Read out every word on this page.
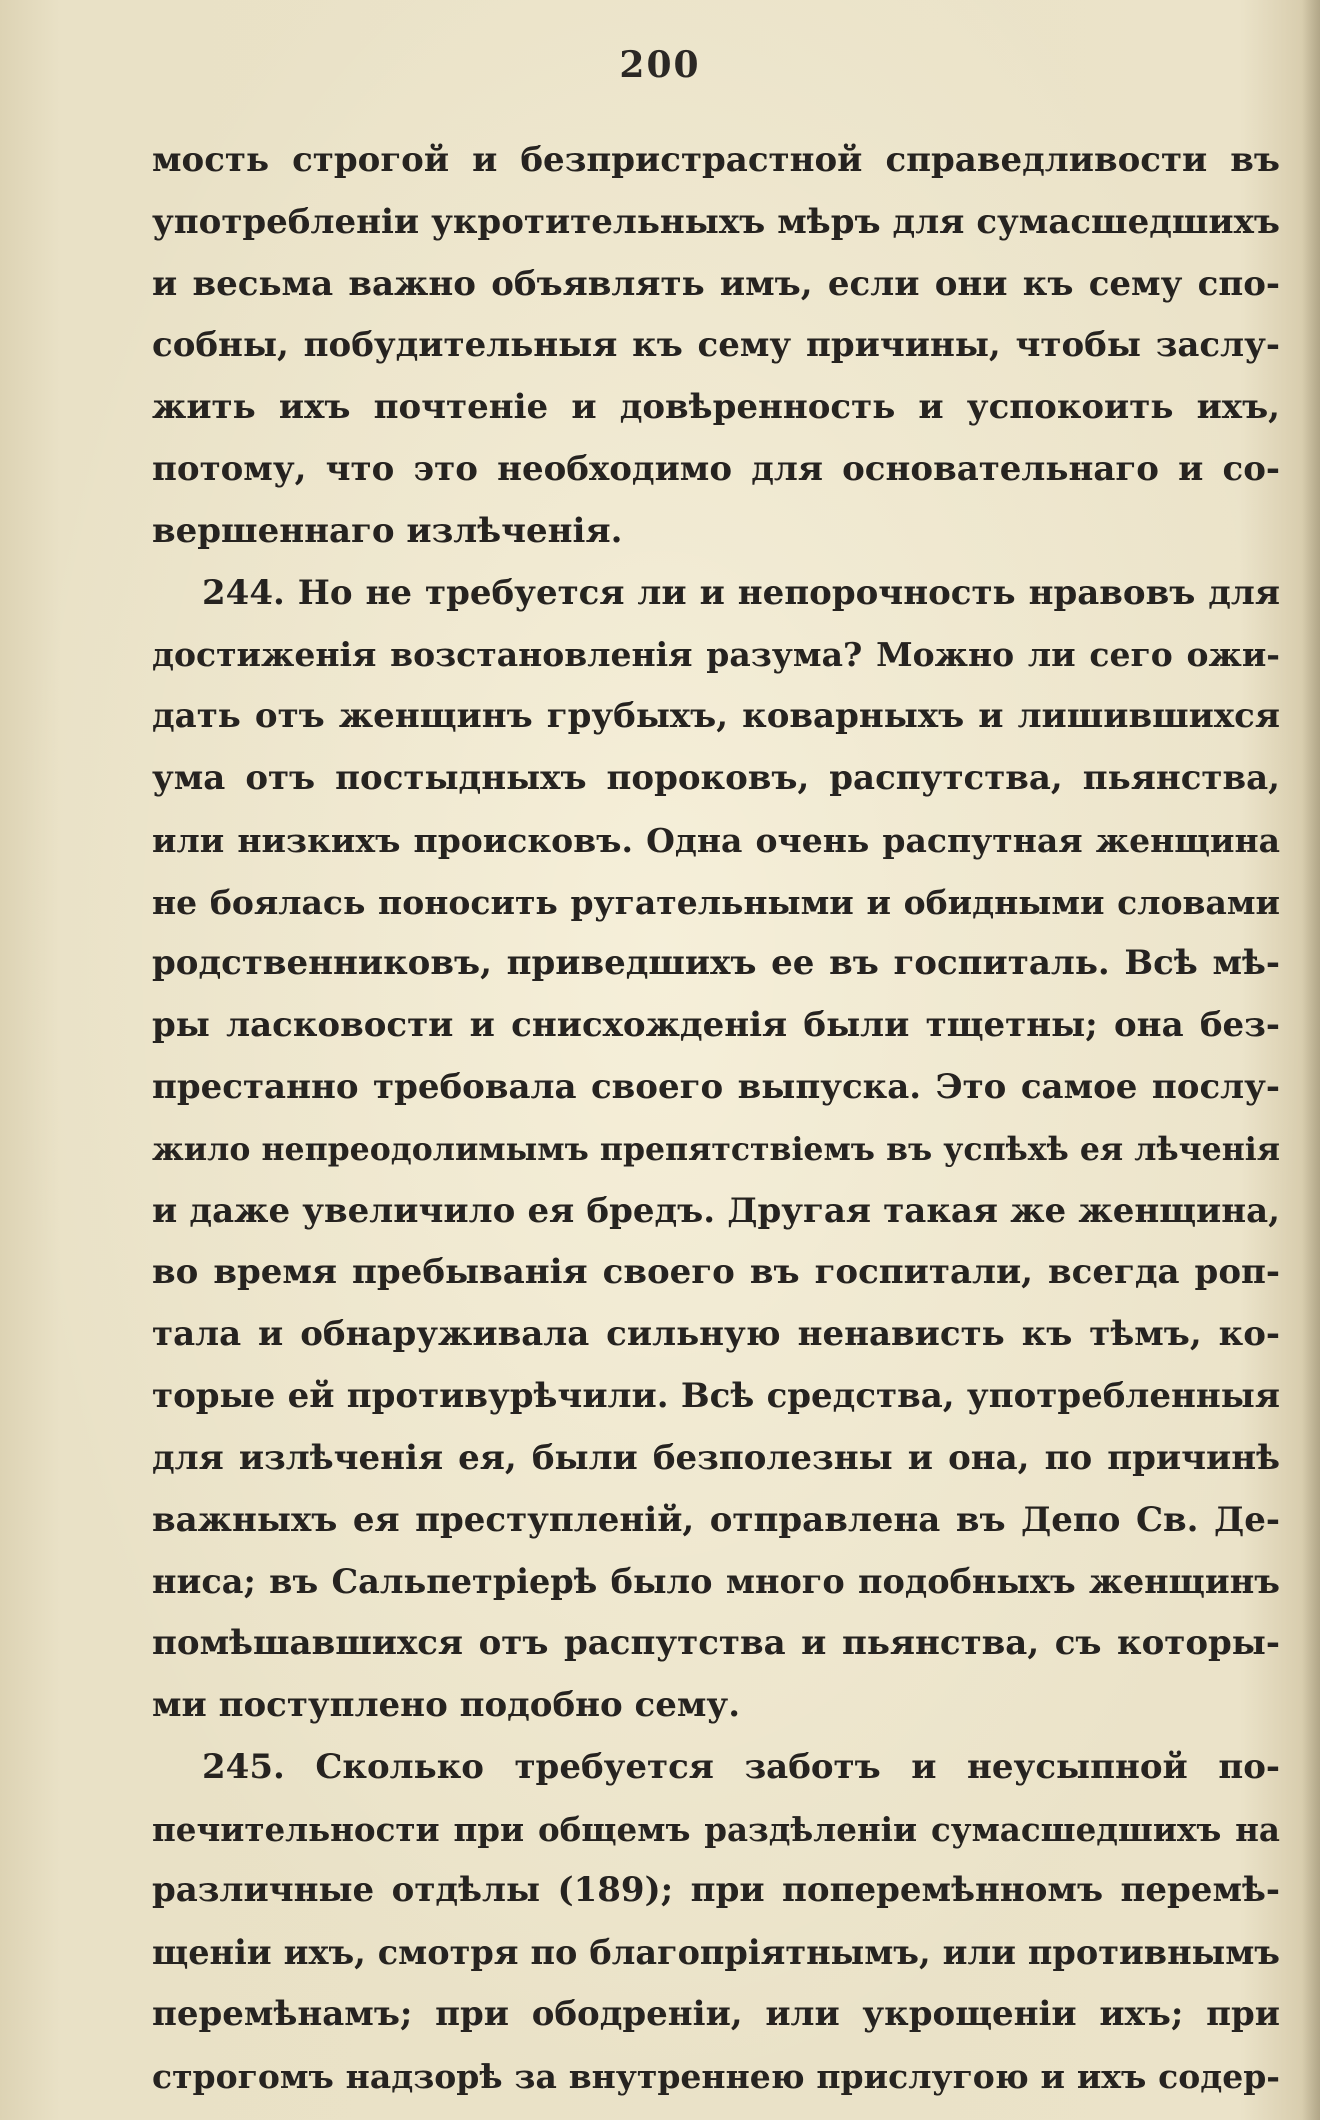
200
мость строгой и безпристрастной справедливости въ
употребленіи укротительныхъ мѣръ для сумасшедшихъ
и весьма важно объявлять имъ, если они къ сему спо-
собны, побудительныя къ сему причины, чтобы заслу-
жить ихъ почтеніе и довѣренность и успокоить ихъ,
потому, что это необходимо для основательнаго и со-
вершеннаго излѣченія.
244. Но не требуется ли и непорочность нравовъ для
достиженія возстановленія разума? Можно ли сего ожи-
дать отъ женщинъ грубыхъ, коварныхъ и лишившихся
ума отъ постыдныхъ пороковъ, распутства, пьянства,
или низкихъ происковъ. Одна очень распутная женщина
не боялась поносить ругательными и обидными словами
родственниковъ, приведшихъ ее въ госпиталь. Всѣ мѣ-
ры ласковости и снисхожденія были тщетны; она без-
престанно требовала своего выпуска. Это самое послу-
жило непреодолимымъ препятствіемъ въ успѣхѣ ея лѣченія
и даже увеличило ея бредъ. Другая такая же женщина,
во время пребыванія своего въ госпитали, всегда роп-
тала и обнаруживала сильную ненависть къ тѣмъ, ко-
торые ей противурѣчили. Всѣ средства, употребленныя
для излѣченія ея, были безполезны и она, по причинѣ
важныхъ ея преступленій, отправлена въ Депо Св. Де-
ниса; въ Сальпетріерѣ было много подобныхъ женщинъ
помѣшавшихся отъ распутства и пьянства, съ которы-
ми поступлено подобно сему.
245. Сколько требуется заботъ и неусыпной по-
печительности при общемъ раздѣленіи сумасшедшихъ на
различные отдѣлы (189); при поперемѣнномъ перемѣ-
щеніи ихъ, смотря по благопріятнымъ, или противнымъ
перемѣнамъ; при ободреніи, или укрощеніи ихъ; при
строгомъ надзорѣ за внутреннею прислугою и ихъ содер-
